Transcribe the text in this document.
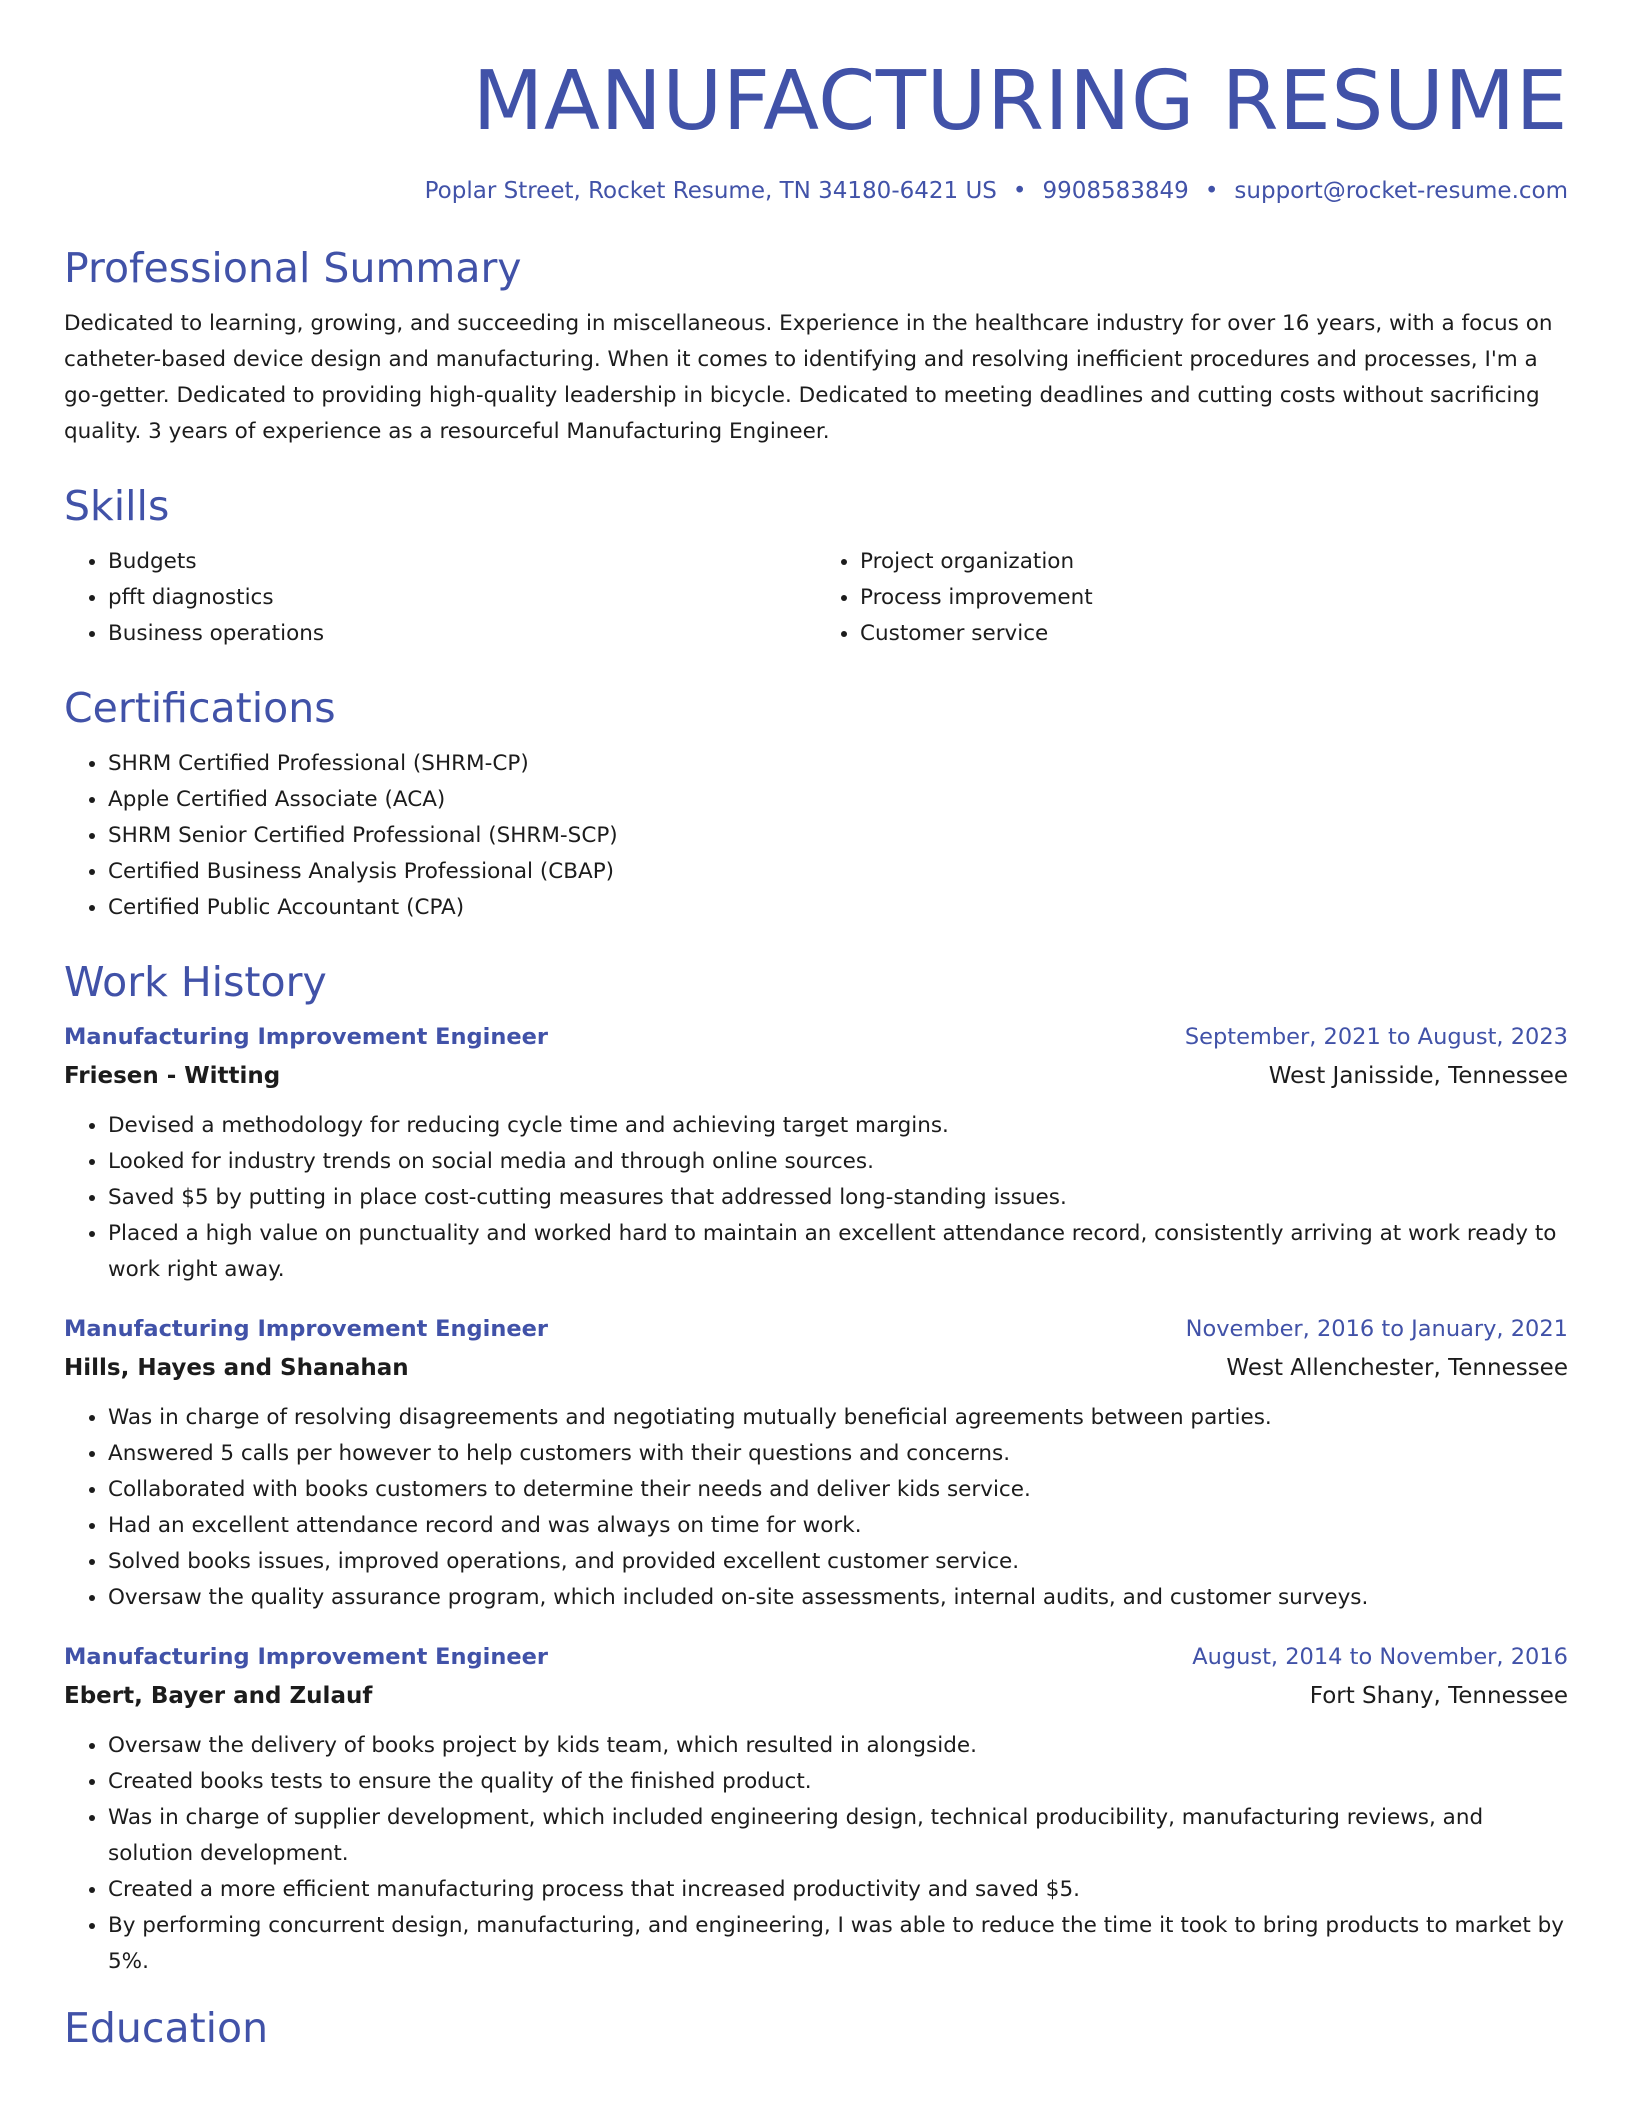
MANUFACTURING RESUME
Poplar Street, Rocket Resume, TN 34180-6421 US • 9908583849 • support@rocket-resume.com
Professional Summary

Dedicated to learning, growing, and succeeding in miscellaneous. Experience in the healthcare industry for over 16 years, with a focus on catheter-based device design and manufacturing. When it comes to identifying and resolving inefficient procedures and processes, I'm a go-getter. Dedicated to providing high-quality leadership in bicycle. Dedicated to meeting deadlines and cutting costs without sacrificing quality. 3 years of experience as a resourceful Manufacturing Engineer.

Skills
• Budgets
• pfft diagnostics
• Business operations
• Project organization
• Process improvement
• Customer service
Certifications
• SHRM Certified Professional (SHRM-CP)
• Apple Certified Associate (ACA)
• SHRM Senior Certified Professional (SHRM-SCP)
• Certified Business Analysis Professional (CBAP)
• Certified Public Accountant (CPA)
Work History
Manufacturing Improvement Engineer	September, 2021 to August, 2023
Friesen - Witting	West Janisside, Tennessee
• Devised a methodology for reducing cycle time and achieving target margins.
• Looked for industry trends on social media and through online sources.
• Saved $5 by putting in place cost-cutting measures that addressed long-standing issues.
• Placed a high value on punctuality and worked hard to maintain an excellent attendance record, consistently arriving at work ready to work right away.
Manufacturing Improvement Engineer	November, 2016 to January, 2021
Hills, Hayes and Shanahan	West Allenchester, Tennessee
• Was in charge of resolving disagreements and negotiating mutually beneficial agreements between parties.
• Answered 5 calls per however to help customers with their questions and concerns.
• Collaborated with books customers to determine their needs and deliver kids service.
• Had an excellent attendance record and was always on time for work.
• Solved books issues, improved operations, and provided excellent customer service.
• Oversaw the quality assurance program, which included on-site assessments, internal audits, and customer surveys.
Manufacturing Improvement Engineer	August, 2014 to November, 2016
Ebert, Bayer and Zulauf	Fort Shany, Tennessee
• Oversaw the delivery of books project by kids team, which resulted in alongside.
• Created books tests to ensure the quality of the finished product.
• Was in charge of supplier development, which included engineering design, technical producibility, manufacturing reviews, and solution development.
• Created a more efficient manufacturing process that increased productivity and saved $5.
• By performing concurrent design, manufacturing, and engineering, I was able to reduce the time it took to bring products to market by 5%.
Education
